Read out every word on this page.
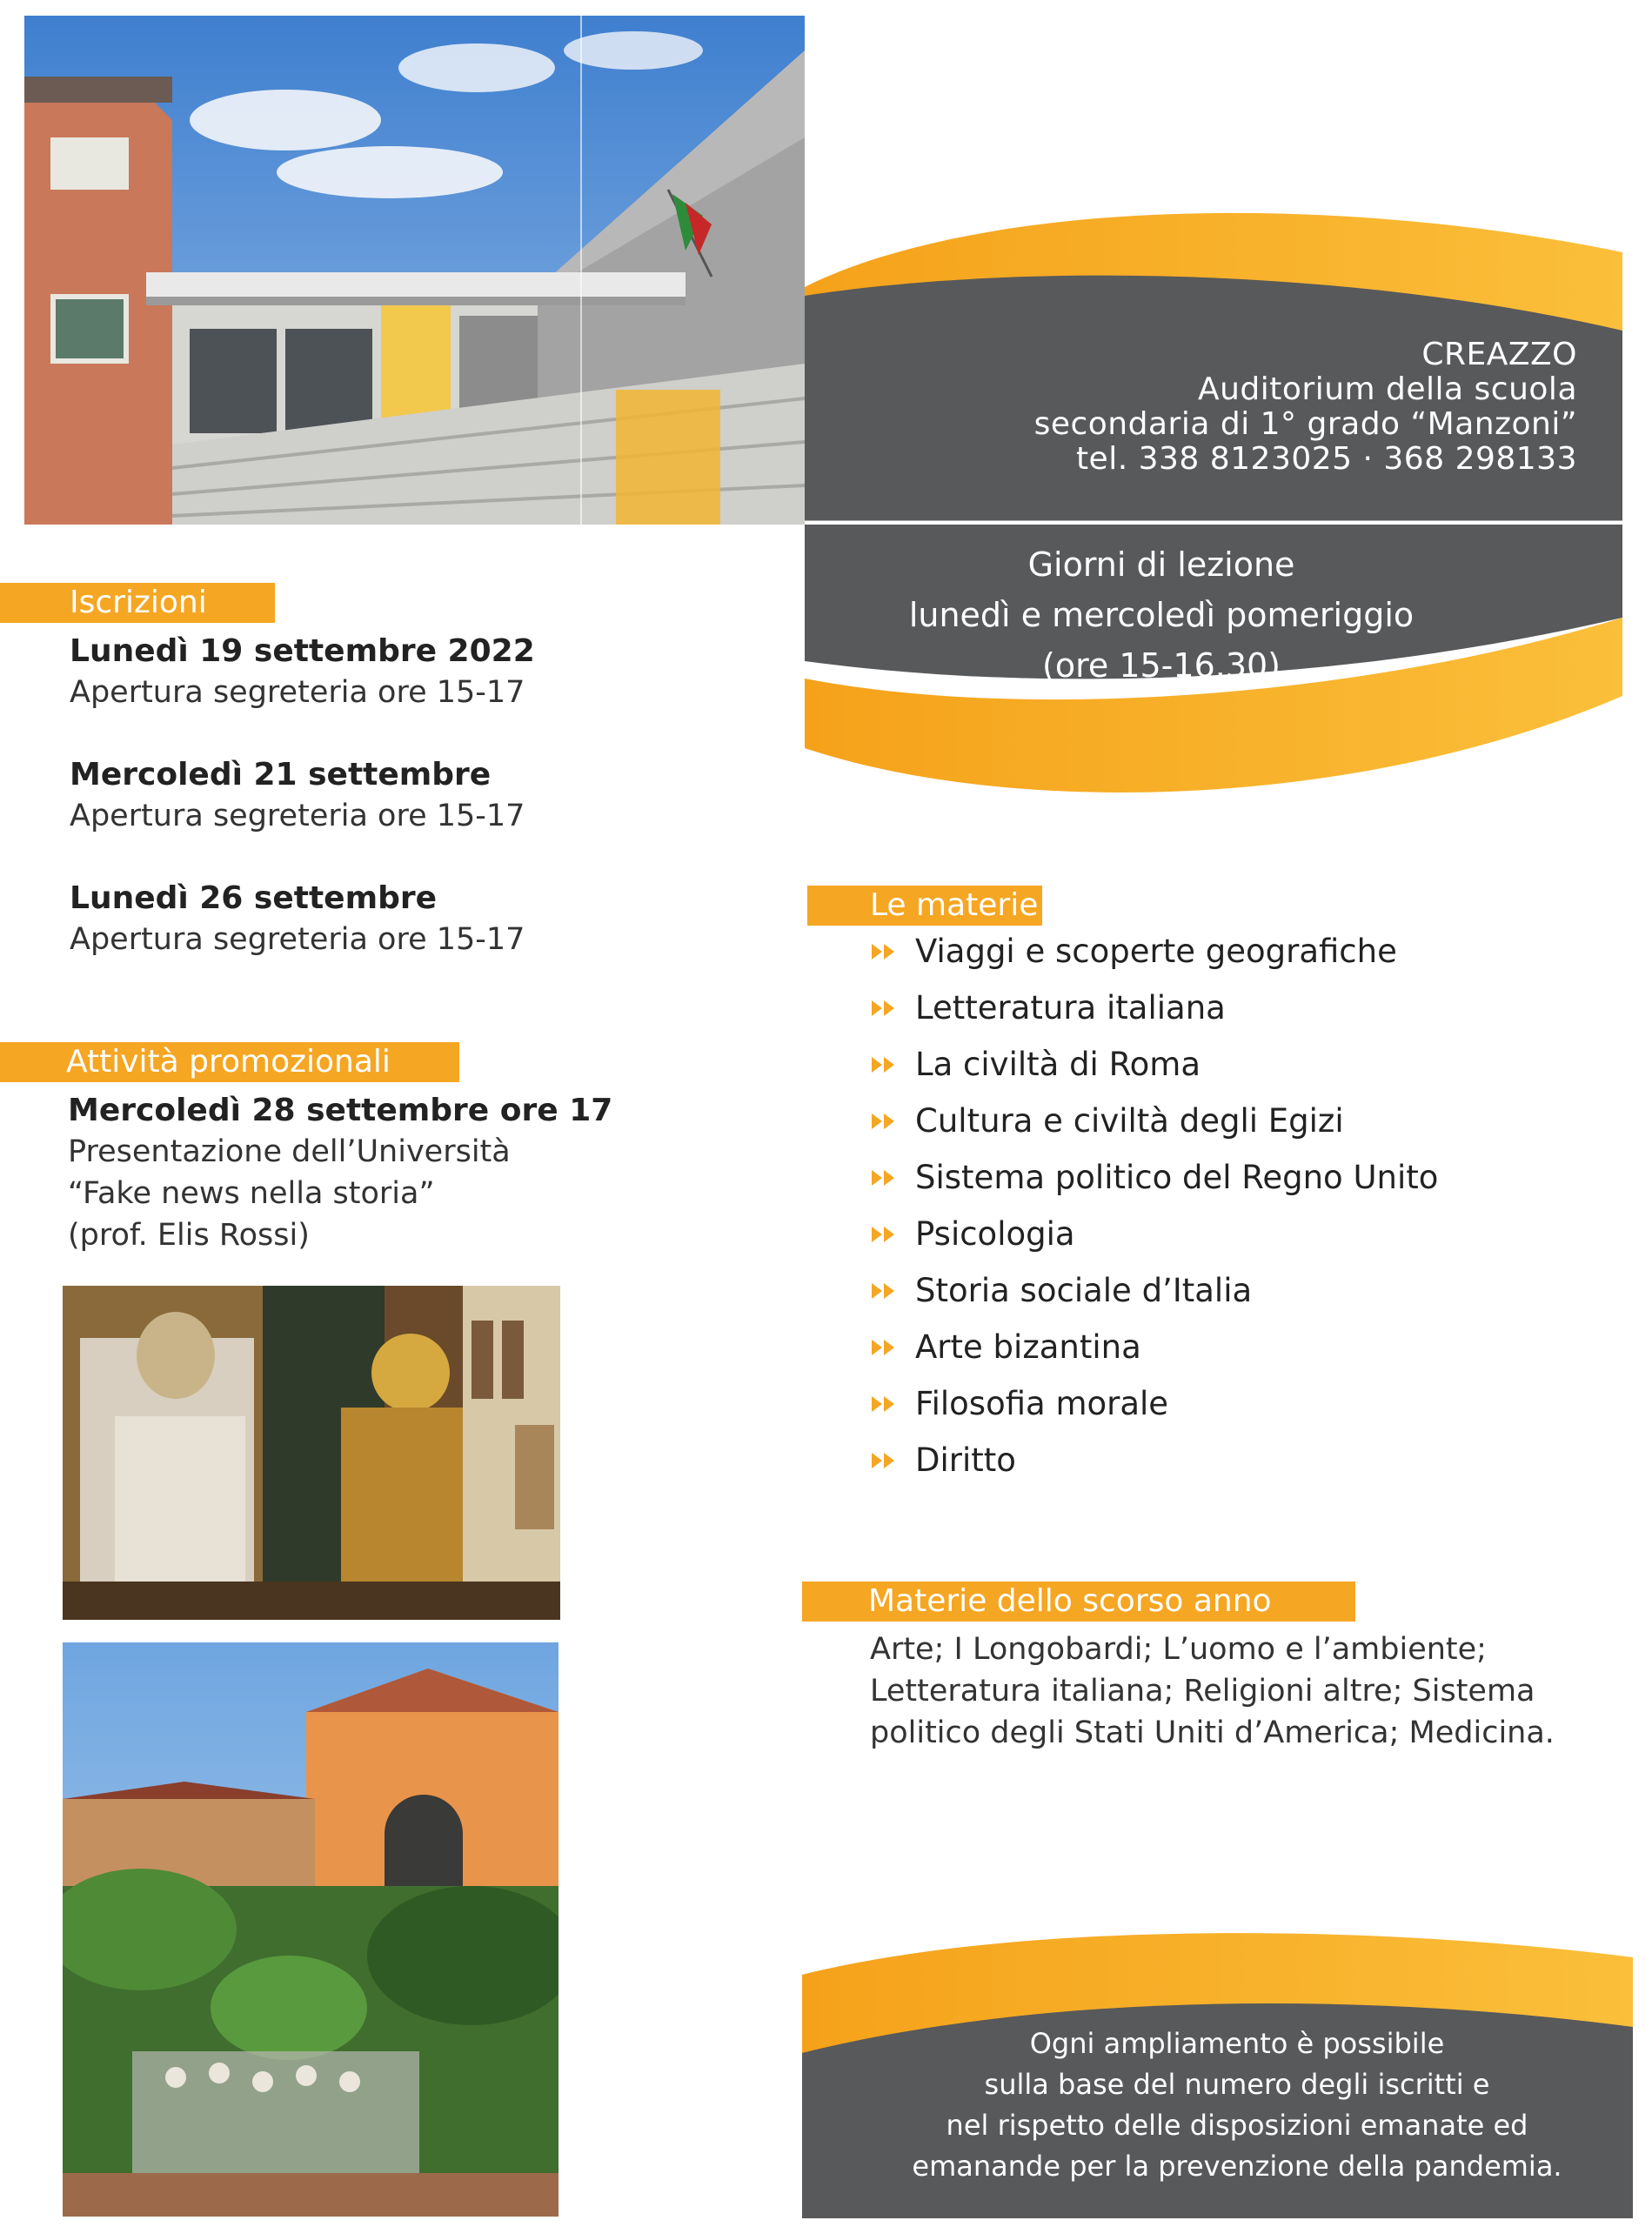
CREAZZO
Auditorium della scuola
secondaria di 1° grado “Manzoni”
tel. 338 8123025 · 368 298133
Giorni di lezione
lunedì e mercoledì pomeriggio
(ore 15-16.30)
Iscrizioni
Lunedì 19 settembre 2022
Apertura segreteria ore 15-17
Mercoledì 21 settembre
Apertura segreteria ore 15-17
Lunedì 26 settembre
Apertura segreteria ore 15-17
Attività promozionali
Mercoledì 28 settembre ore 17
Presentazione dell’Università
“Fake news nella storia”
(prof. Elis Rossi)
Le materie
Viaggi e scoperte geografiche
Letteratura italiana
La civiltà di Roma
Cultura e civiltà degli Egizi
Sistema politico del Regno Unito
Psicologia
Storia sociale d’Italia
Arte bizantina
Filosofia morale
Diritto
Materie dello scorso anno
Arte; I Longobardi; L’uomo e l’ambiente; Letteratura italiana; Religioni altre; Sistema politico degli Stati Uniti d’America; Medicina.
Ogni ampliamento è possibile
sulla base del numero degli iscritti e
nel rispetto delle disposizioni emanate ed
emanande per la prevenzione della pandemia.
